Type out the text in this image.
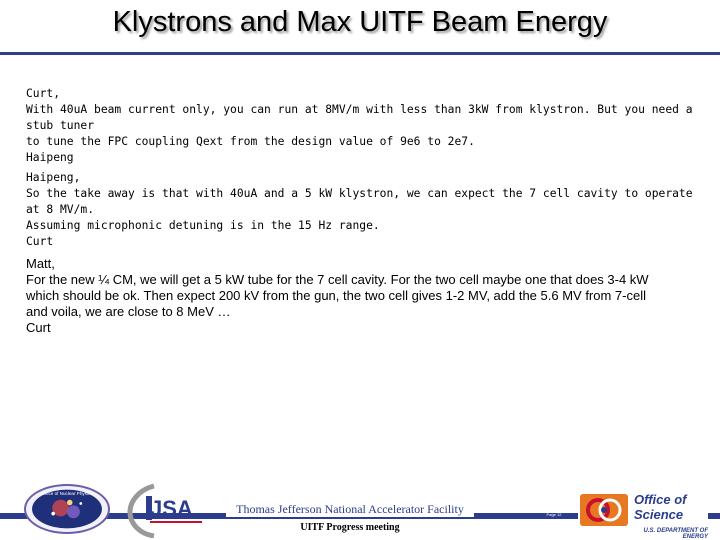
Klystrons and Max UITF Beam Energy
Curt,
With 40uA beam current only, you can run at 8MV/m with less than 3kW from klystron. But you need a stub tuner
to tune the FPC coupling Qext from the design value of 9e6 to 2e7.
Haipeng
Haipeng,
So the take away is that with 40uA and a 5 kW klystron, we can expect the 7 cell cavity to operate at 8 MV/m.
Assuming microphonic detuning is in the 15 Hz range.
Curt
Matt,
For the new ¼ CM, we will get a 5 kW tube for the 7 cell cavity. For the two cell maybe one that does 3-4 kW
which should be ok. Then expect 200 kV from the gun, the two cell gives 1-2 MV, add the 5.6 MV from 7-cell
and voila, we are close to 8 MeV …
Curt
Office of Nuclear Physics
JSA	Thomas Jefferson National Accelerator Facility
UITF Progress meeting
Page 12
Office of
Science
U.S. DEPARTMENT OF ENERGY
